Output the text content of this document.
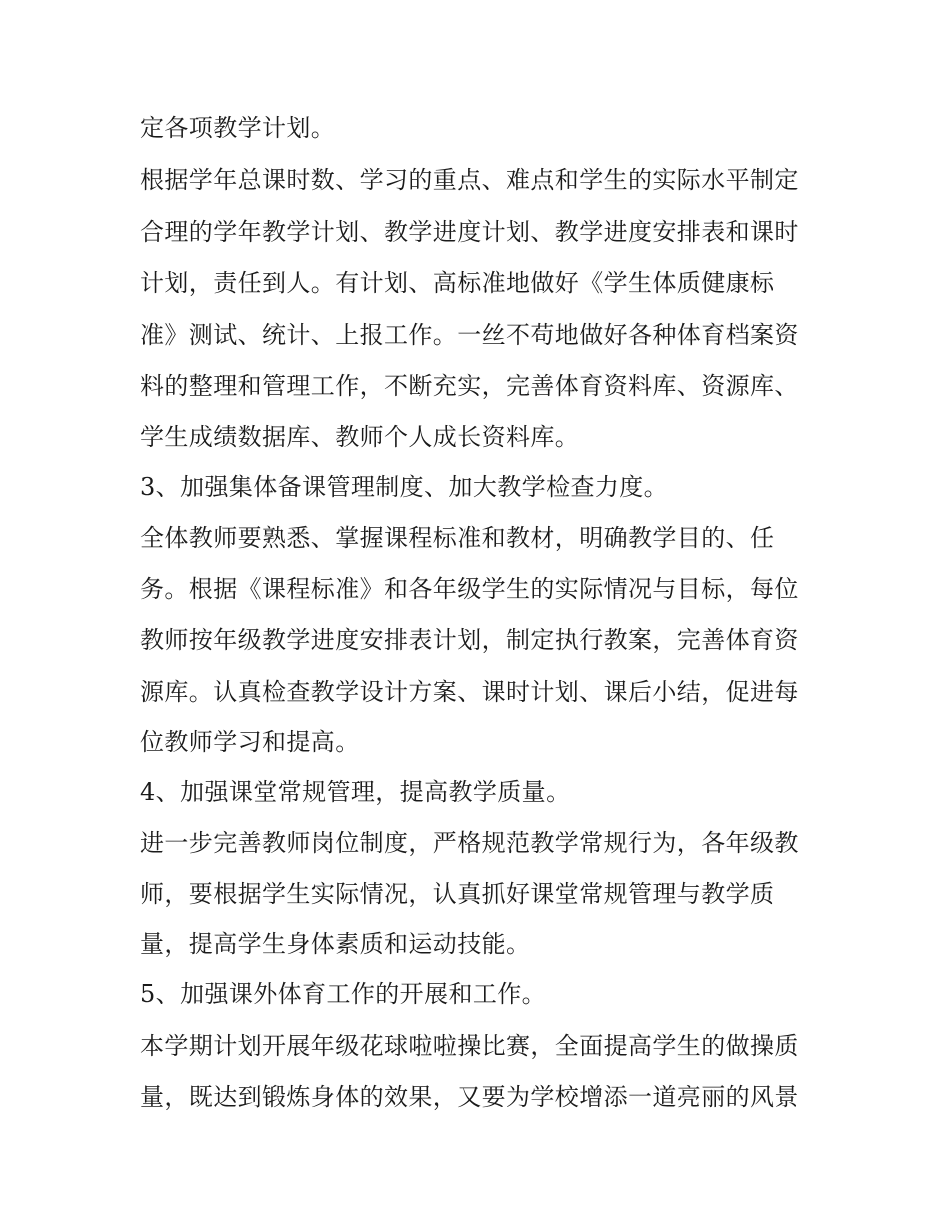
定各项教学计划。
根据学年总课时数、学习的重点、难点和学生的实际水平制定
合理的学年教学计划、教学进度计划、教学进度安排表和课时
计划，责任到人。有计划、高标准地做好《学生体质健康标
准》测试、统计、上报工作。一丝不苟地做好各种体育档案资
料的整理和管理工作，不断充实，完善体育资料库、资源库、
学生成绩数据库、教师个人成长资料库。
3、加强集体备课管理制度、加大教学检查力度。
全体教师要熟悉、掌握课程标准和教材，明确教学目的、任
务。根据《课程标准》和各年级学生的实际情况与目标，每位
教师按年级教学进度安排表计划，制定执行教案，完善体育资
源库。认真检查教学设计方案、课时计划、课后小结，促进每
位教师学习和提高。
4、加强课堂常规管理，提高教学质量。
进一步完善教师岗位制度，严格规范教学常规行为，各年级教
师，要根据学生实际情况，认真抓好课堂常规管理与教学质
量，提高学生身体素质和运动技能。
5、加强课外体育工作的开展和工作。
本学期计划开展年级花球啦啦操比赛，全面提高学生的做操质
量，既达到锻炼身体的效果，又要为学校增添一道亮丽的风景
